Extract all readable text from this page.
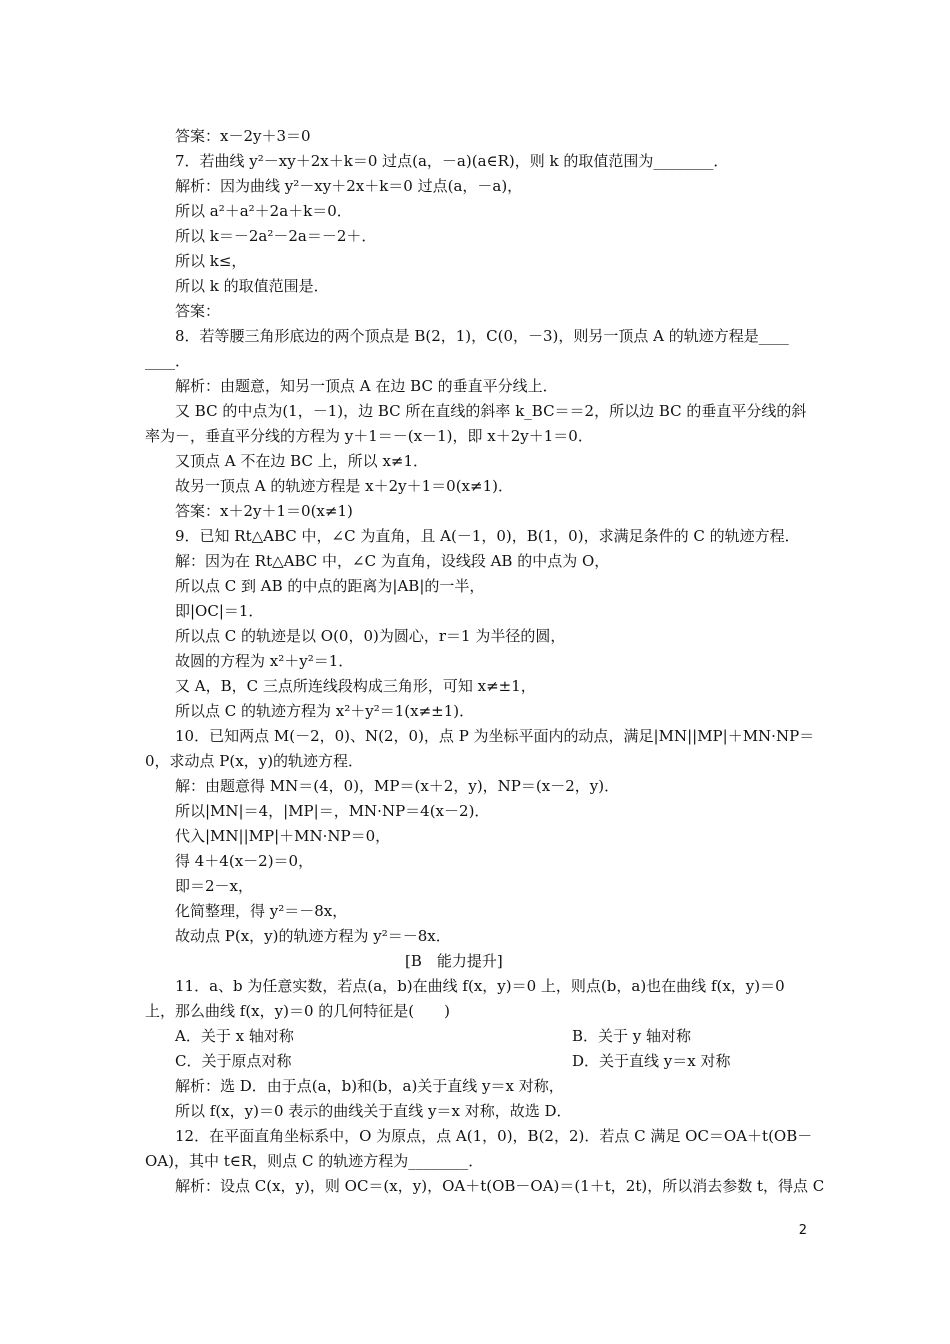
答案：x－2y＋3＝0
7．若曲线 y²－xy＋2x＋k＝0 过点(a，－a)(a∈R)，则 k 的取值范围为________．
解析：因为曲线 y²－xy＋2x＋k＝0 过点(a，－a)，
所以 a²＋a²＋2a＋k＝0．
所以 k＝－2a²－2a＝－2＋．
所以 k≤，
所以 k 的取值范围是．
答案：
8．若等腰三角形底边的两个顶点是 B(2，1)，C(0，－3)，则另一顶点 A 的轨迹方程是____
____．
解析：由题意，知另一顶点 A 在边 BC 的垂直平分线上．
又 BC 的中点为(1，－1)，边 BC 所在直线的斜率 k_BC＝＝2，所以边 BC 的垂直平分线的斜
率为－，垂直平分线的方程为 y＋1＝－(x－1)，即 x＋2y＋1＝0．
又顶点 A 不在边 BC 上，所以 x≠1．
故另一顶点 A 的轨迹方程是 x＋2y＋1＝0(x≠1)．
答案：x＋2y＋1＝0(x≠1)
9．已知 Rt△ABC 中，∠C 为直角，且 A(－1，0)，B(1，0)，求满足条件的 C 的轨迹方程．
解：因为在 Rt△ABC 中，∠C 为直角，设线段 AB 的中点为 O，
所以点 C 到 AB 的中点的距离为|AB|的一半，
即|OC|＝1．
所以点 C 的轨迹是以 O(0，0)为圆心，r＝1 为半径的圆，
故圆的方程为 x²＋y²＝1．
又 A，B，C 三点所连线段构成三角形，可知 x≠±1，
所以点 C 的轨迹方程为 x²＋y²＝1(x≠±1)．
10．已知两点 M(－2，0)、N(2，0)，点 P 为坐标平面内的动点，满足|MN||MP|＋MN·NP＝
0，求动点 P(x，y)的轨迹方程．
解：由题意得 MN＝(4，0)，MP＝(x＋2，y)，NP＝(x－2，y)．
所以|MN|＝4，|MP|＝，MN·NP＝4(x－2)．
代入|MN||MP|＋MN·NP＝0，
得 4＋4(x－2)＝0，
即＝2－x，
化简整理，得 y²＝－8x，
故动点 P(x，y)的轨迹方程为 y²＝－8x．
[B　能力提升]
11．a、b 为任意实数，若点(a，b)在曲线 f(x，y)＝0 上，则点(b，a)也在曲线 f(x，y)＝0
上，那么曲线 f(x，y)＝0 的几何特征是(　　)
A．关于 x 轴对称	B．关于 y 轴对称
C．关于原点对称	D．关于直线 y＝x 对称
解析：选 D．由于点(a，b)和(b，a)关于直线 y＝x 对称，
所以 f(x，y)＝0 表示的曲线关于直线 y＝x 对称，故选 D．
12．在平面直角坐标系中，O 为原点，点 A(1，0)，B(2，2)．若点 C 满足 OC＝OA＋t(OB－
OA)，其中 t∈R，则点 C 的轨迹方程为________．
解析：设点 C(x，y)，则 OC＝(x，y)，OA＋t(OB－OA)＝(1＋t，2t)，所以消去参数 t，得点 C
2
